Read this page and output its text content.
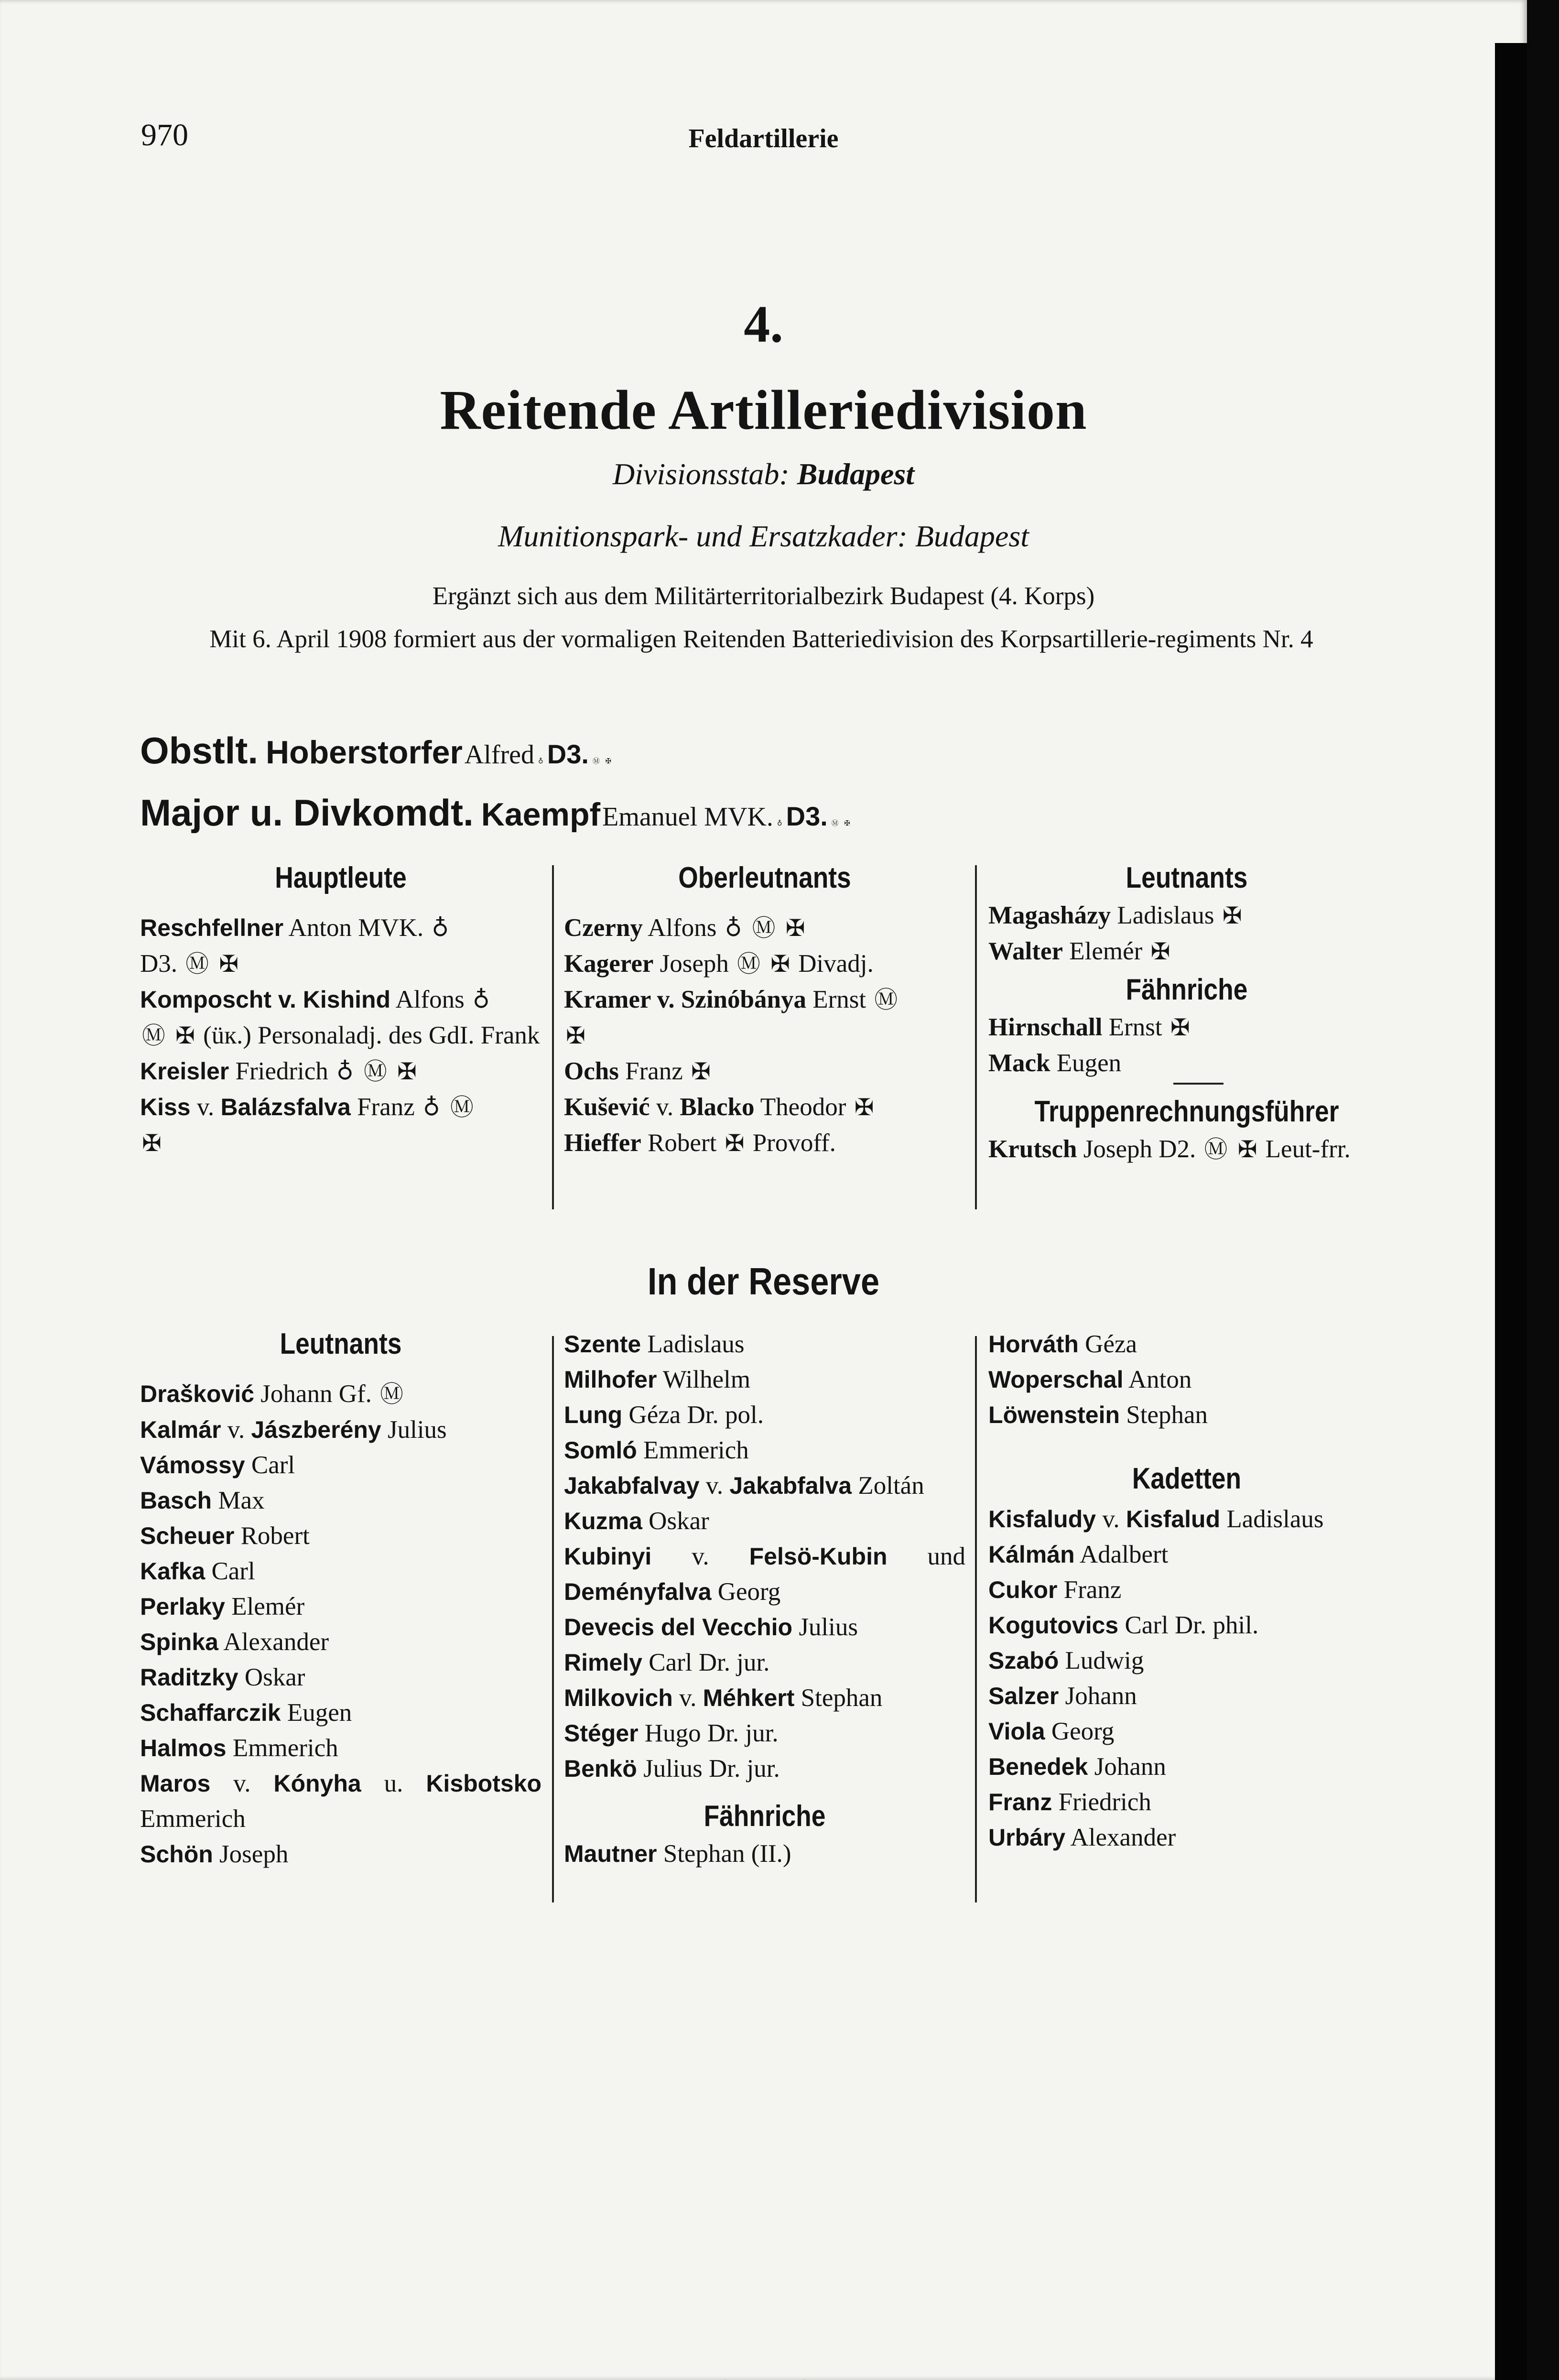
970	Feldartillerie
4.
Reitende Artilleriedivision
Divisionsstab: Budapest
Munitionspark- und Ersatzkader: Budapest
Ergänzt sich aus dem Militärterritorialbezirk Budapest (4. Korps)
Mit 6. April 1908 formiert aus der vormaligen Reitenden Batteriedivision des Korpsartillerie-regiments Nr. 4
Obstlt. Hoberstorfer Alfred ♁ D3. Ⓜ ✠
Major u. Divkomdt. Kaempf Emanuel MVK. ♁ D3. Ⓜ ✠
Hauptleute
Reschfellner Anton MVK. ♁
D3. Ⓜ ✠
Komposcht v. Kishind Alfons ♁
Ⓜ ✠ (üк.) Personaladj. des GdI. Frank
Kreisler Friedrich ♁ Ⓜ ✠
Kiss v. Balázsfalva Franz ♁ Ⓜ
✠
Oberleutnants
Czerny Alfons ♁ Ⓜ ✠
Kagerer Joseph Ⓜ ✠ Divadj.
Kramer v. Szinóbánya Ernst Ⓜ
✠
Ochs Franz ✠
Kušević v. Blacko Theodor ✠
Hieffer Robert ✠ Provoff.
Leutnants
Magasházy Ladislaus ✠
Walter Elemér ✠
Fähnriche
Hirnschall Ernst ✠
Mack Eugen
Truppenrechnungsführer
Krutsch Joseph D2. Ⓜ ✠ Leut-frr.
In der Reserve
Leutnants
Drašković Johann Gf. Ⓜ
Kalmár v. Jászberény Julius
Vámossy Carl
Basch Max
Scheuer Robert
Kafka Carl
Perlaky Elemér
Spinka Alexander
Raditzky Oskar
Schaffarczik Eugen
Halmos Emmerich
Maros v. Kónyha u. Kisbotsko Emmerich
Schön Joseph
Szente Ladislaus
Milhofer Wilhelm
Lung Géza Dr. pol.
Somló Emmerich
Jakabfalvay v. Jakabfalva Zoltán
Kuzma Oskar
Kubinyi v. Felsö-Kubin und Deményfalva Georg
Devecis del Vecchio Julius
Rimely Carl Dr. jur.
Milkovich v. Méhkert Stephan
Stéger Hugo Dr. jur.
Benkö Julius Dr. jur.
Fähnriche
Mautner Stephan (II.)
Horváth Géza
Woperschal Anton
Löwenstein Stephan
Kadetten
Kisfaludy v. Kisfalud Ladislaus
Kálmán Adalbert
Cukor Franz
Kogutovics Carl Dr. phil.
Szabó Ludwig
Salzer Johann
Viola Georg
Benedek Johann
Franz Friedrich
Urbáry Alexander
